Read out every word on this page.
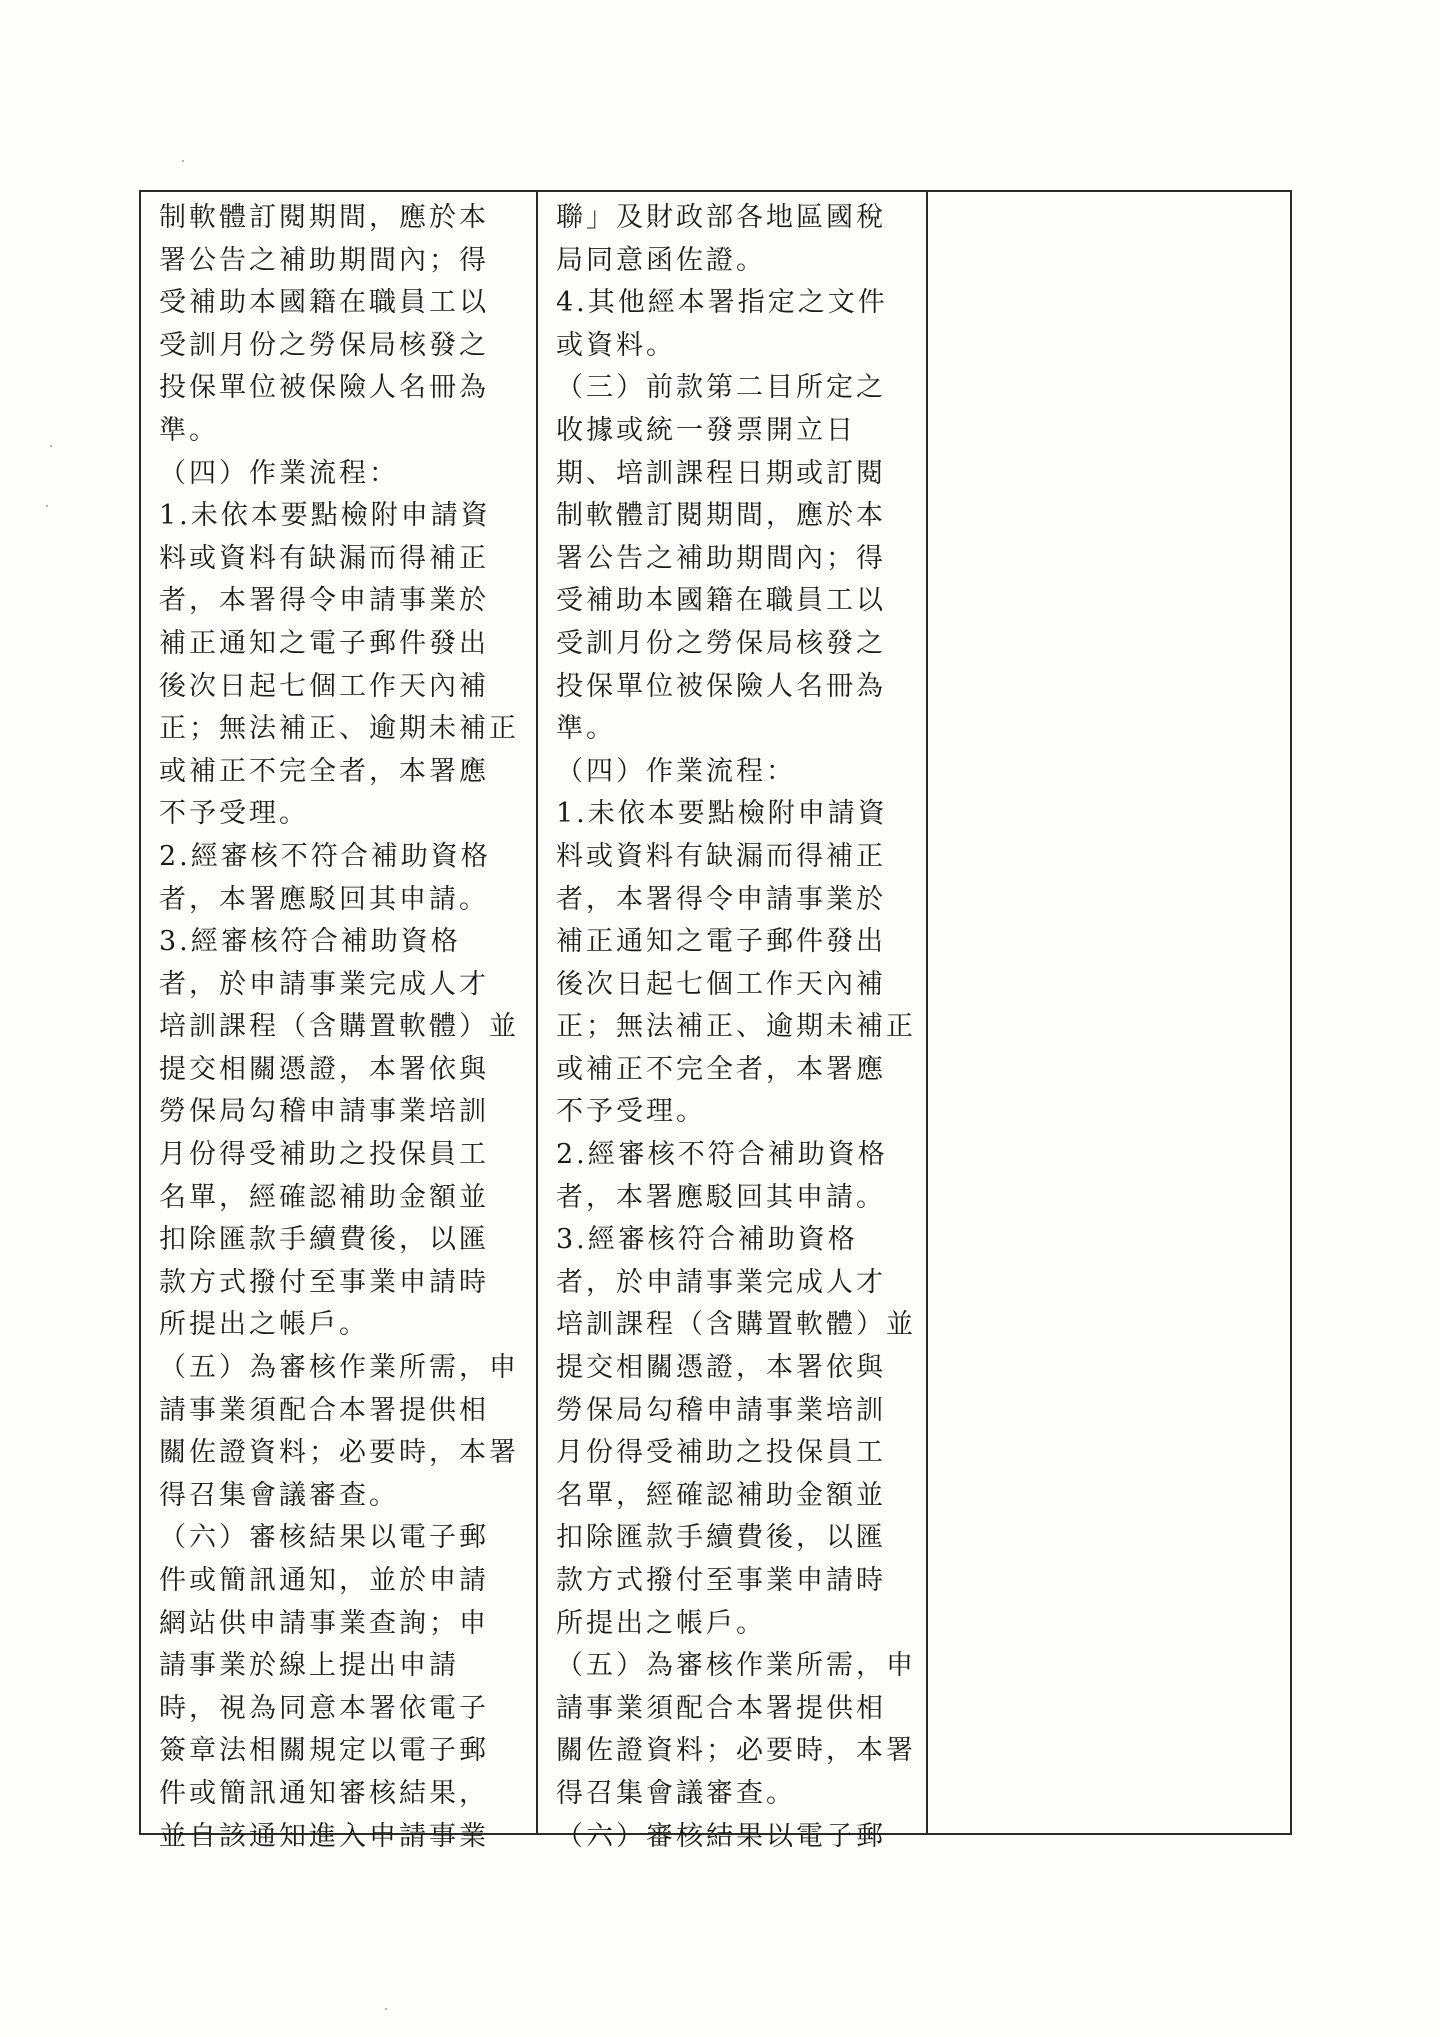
制軟體訂閱期間，應於本
署公告之補助期間內；得
受補助本國籍在職員工以
受訓月份之勞保局核發之
投保單位被保險人名冊為
準。
（四）作業流程：
1.未依本要點檢附申請資
料或資料有缺漏而得補正
者，本署得令申請事業於
補正通知之電子郵件發出
後次日起七個工作天內補
正；無法補正、逾期未補正
或補正不完全者，本署應
不予受理。
2.經審核不符合補助資格
者，本署應駁回其申請。
3.經審核符合補助資格
者，於申請事業完成人才
培訓課程（含購置軟體）並
提交相關憑證，本署依與
勞保局勾稽申請事業培訓
月份得受補助之投保員工
名單，經確認補助金額並
扣除匯款手續費後，以匯
款方式撥付至事業申請時
所提出之帳戶。
（五）為審核作業所需，申
請事業須配合本署提供相
關佐證資料；必要時，本署
得召集會議審查。
（六）審核結果以電子郵
件或簡訊通知，並於申請
網站供申請事業查詢；申
請事業於線上提出申請
時，視為同意本署依電子
簽章法相關規定以電子郵
件或簡訊通知審核結果，
並自該通知進入申請事業
聯」及財政部各地區國稅
局同意函佐證。
4.其他經本署指定之文件
或資料。
（三）前款第二目所定之
收據或統一發票開立日
期、培訓課程日期或訂閱
制軟體訂閱期間，應於本
署公告之補助期間內；得
受補助本國籍在職員工以
受訓月份之勞保局核發之
投保單位被保險人名冊為
準。
（四）作業流程：
1.未依本要點檢附申請資
料或資料有缺漏而得補正
者，本署得令申請事業於
補正通知之電子郵件發出
後次日起七個工作天內補
正；無法補正、逾期未補正
或補正不完全者，本署應
不予受理。
2.經審核不符合補助資格
者，本署應駁回其申請。
3.經審核符合補助資格
者，於申請事業完成人才
培訓課程（含購置軟體）並
提交相關憑證，本署依與
勞保局勾稽申請事業培訓
月份得受補助之投保員工
名單，經確認補助金額並
扣除匯款手續費後，以匯
款方式撥付至事業申請時
所提出之帳戶。
（五）為審核作業所需，申
請事業須配合本署提供相
關佐證資料；必要時，本署
得召集會議審查。
（六）審核結果以電子郵
